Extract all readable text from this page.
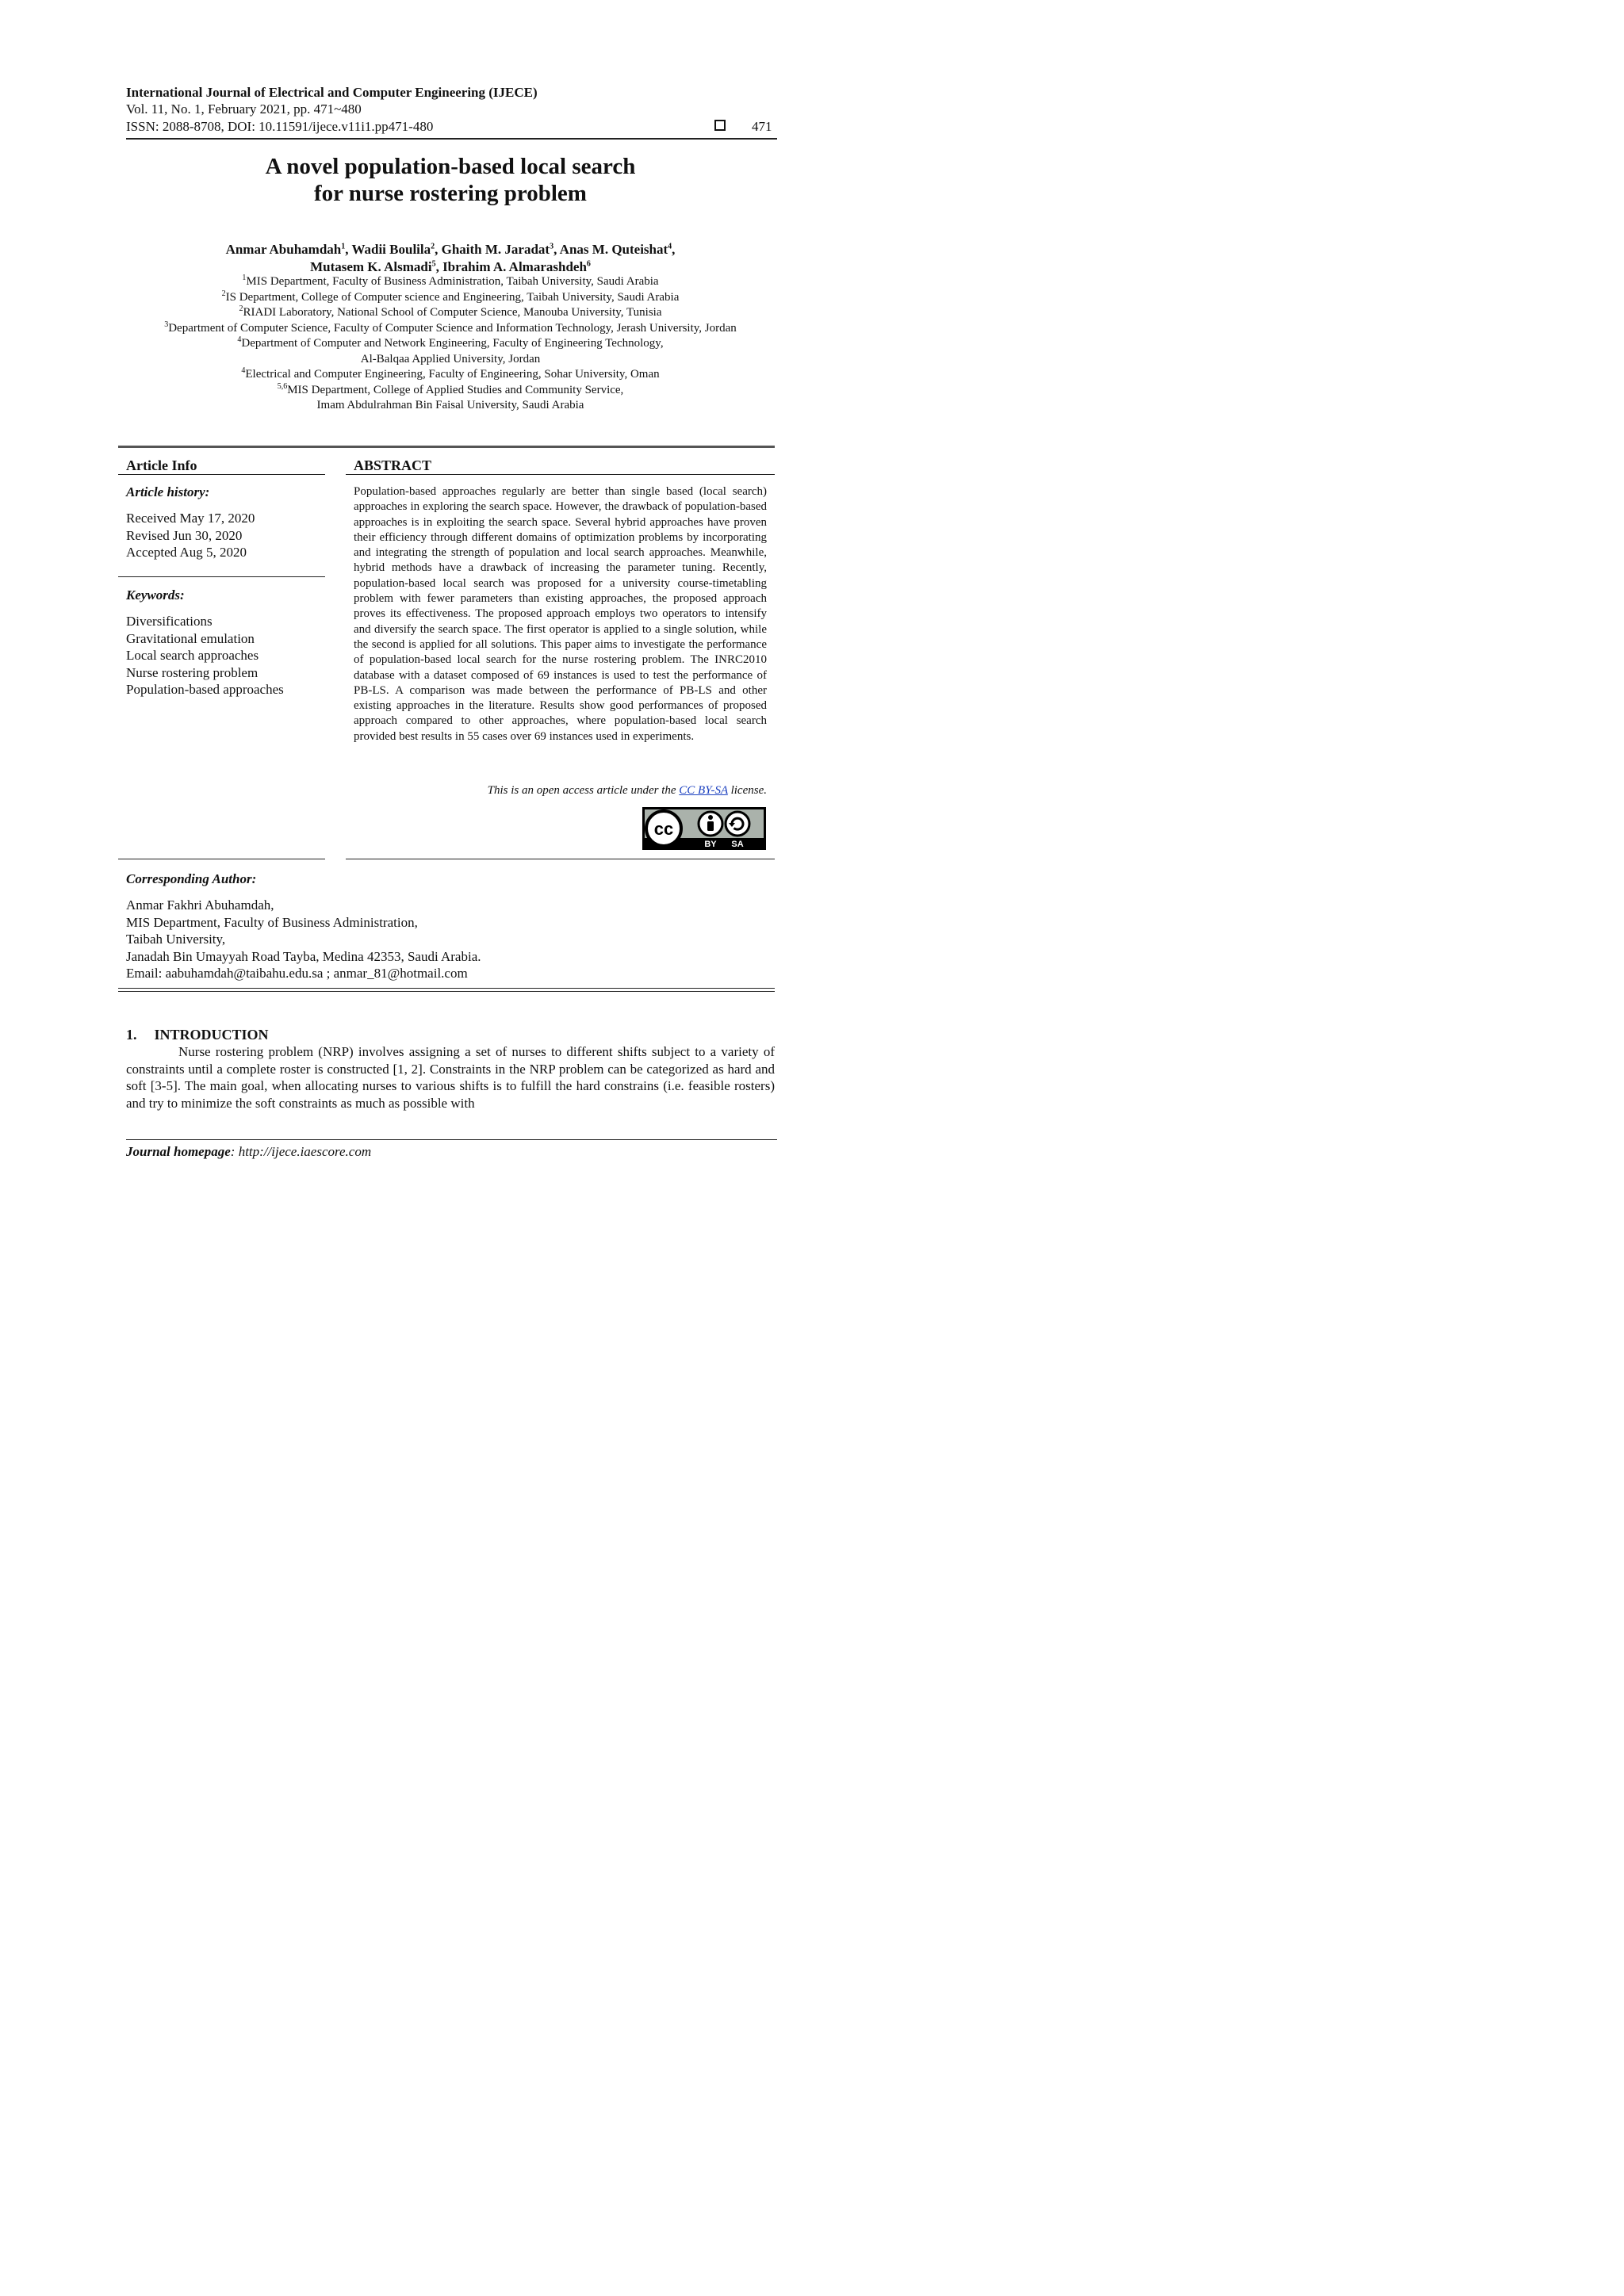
International Journal of Electrical and Computer Engineering (IJECE)
Vol. 11, No. 1, February 2021, pp. 471~480
ISSN: 2088-8708, DOI: 10.11591/ijece.v11i1.pp471-480	471
A novel population-based local search
for nurse rostering problem
Anmar Abuhamdah$^1$, Wadii Boulila$^2$, Ghaith M. Jaradat$^3$, Anas M. Quteishat$^4$,
Mutasem K. Alsmadi$^5$, Ibrahim A. Almarashdeh$^6$
$^1$MIS Department, Faculty of Business Administration, Taibah University, Saudi Arabia
$^2$IS Department, College of Computer science and Engineering, Taibah University, Saudi Arabia
$^2$RIADI Laboratory, National School of Computer Science, Manouba University, Tunisia
$^3$Department of Computer Science, Faculty of Computer Science and Information Technology, Jerash University, Jordan
$^4$Department of Computer and Network Engineering, Faculty of Engineering Technology,
Al-Balqaa Applied University, Jordan
$^4$Electrical and Computer Engineering, Faculty of Engineering, Sohar University, Oman
$^{5,6}$MIS Department, College of Applied Studies and Community Service,
Imam Abdulrahman Bin Faisal University, Saudi Arabia
Article Info	ABSTRACT
Article history:
Received May 17, 2020
Revised Jun 30, 2020
Accepted Aug 5, 2020
Keywords:
Diversifications
Gravitational emulation
Local search approaches
Nurse rostering problem
Population-based approaches
Population-based approaches regularly are better than single based (local search) approaches in exploring the search space. However, the drawback of population-based approaches is in exploiting the search space. Several hybrid approaches have proven their efficiency through different domains of optimization problems by incorporating and integrating the strength of population and local search approaches. Meanwhile, hybrid methods have a drawback of increasing the parameter tuning. Recently, population-based local search was proposed for a university course-timetabling problem with fewer parameters than existing approaches, the proposed approach proves its effectiveness. The proposed approach employs two operators to intensify and diversify the search space. The first operator is applied to a single solution, while the second is applied for all solutions. This paper aims to investigate the performance of population-based local search for the nurse rostering problem. The INRC2010 database with a dataset composed of 69 instances is used to test the performance of PB-LS. A comparison was made between the performance of PB-LS and other existing approaches in the literature. Results show good performances of proposed approach compared to other approaches, where population-based local search provided best results in 55 cases over 69 instances used in experiments.
This is an open access article under the CC BY-SA license.
cc
BY SA
Corresponding Author:
Anmar Fakhri Abuhamdah,
MIS Department, Faculty of Business Administration,
Taibah University,
Janadah Bin Umayyah Road Tayba, Medina 42353, Saudi Arabia.
Email: aabuhamdah@taibahu.edu.sa ; anmar_81@hotmail.com
1. INTRODUCTION
Nurse rostering problem (NRP) involves assigning a set of nurses to different shifts subject to a variety of constraints until a complete roster is constructed [1, 2]. Constraints in the NRP problem can be categorized as hard and soft [3-5]. The main goal, when allocating nurses to various shifts is to fulfill the hard constrains (i.e. feasible rosters) and try to minimize the soft constraints as much as possible with
Journal homepage: http://ijece.iaescore.com
